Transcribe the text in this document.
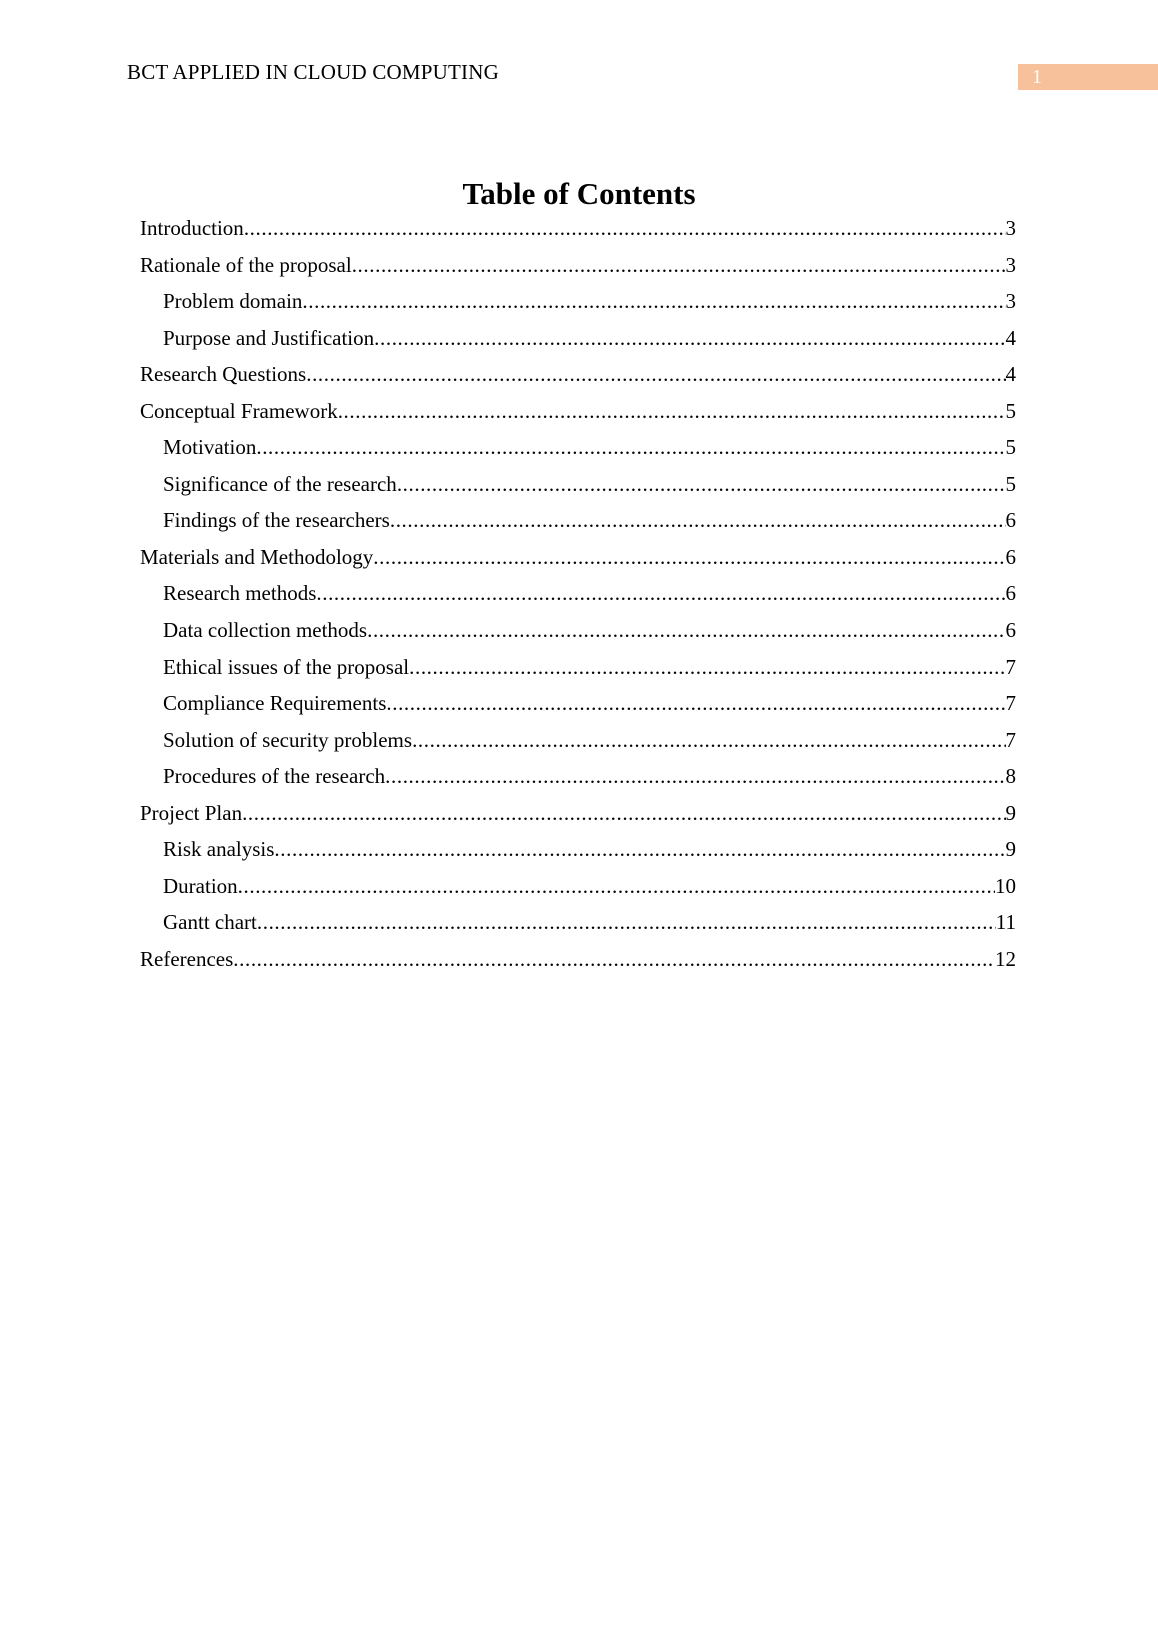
BCT APPLIED IN CLOUD COMPUTING	1
Table of Contents
Introduction .....	3
Rationale of the proposal .....	3
Problem domain .....	3
Purpose and Justification .....	4
Research Questions .....	4
Conceptual Framework .....	5
Motivation .....	5
Significance of the research .....	5
Findings of the researchers .....	6
Materials and Methodology .....	6
Research methods .....	6
Data collection methods .....	6
Ethical issues of the proposal .....	7
Compliance Requirements .....	7
Solution of security problems .....	7
Procedures of the research .....	8
Project Plan .....	9
Risk analysis .....	9
Duration .....	10
Gantt chart .....	11
References .....	12
